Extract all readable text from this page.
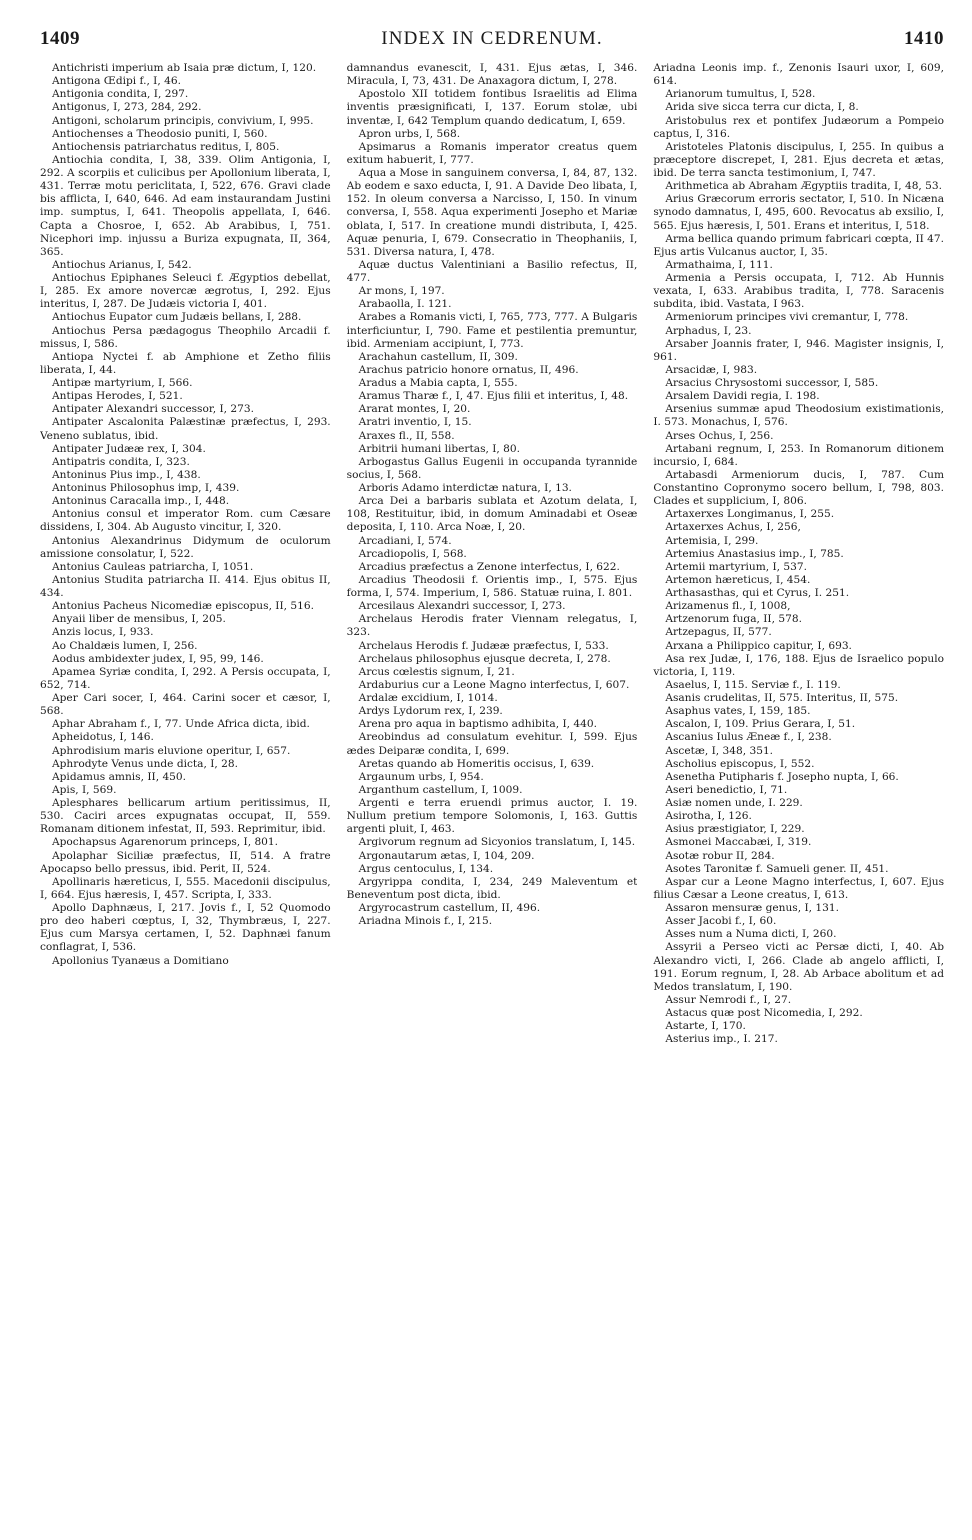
1409	INDEX IN CEDRENUM.	1410

Antichristi imperium ab Isaia præ dictum, I, 120.

Antigona Œdipi f., I, 46.

Antigonia condita, I, 297.

Antigonus, I, 273, 284, 292.

Antigoni, scholarum principis, convivium, I, 995.

Antiochenses a Theodosio puniti, I, 560.

Antiochensis patriarchatus reditus, I, 805.

Antiochia condita, I, 38, 339. Olim Antigonia, I, 292. A scorpiis et culicibus per Apollonium liberata, I, 431. Terræ motu periclitata, I, 522, 676. Gravi clade bis afflicta, I, 640, 646. Ad eam instaurandam Justini imp. sumptus, I, 641. Theopolis appellata, I, 646. Capta a Chosroe, I, 652. Ab Arabibus, I, 751. Nicephori imp. injussu a Buriza expugnata, II, 364, 365.

Antiochus Arianus, I, 542.

Antiochus Epiphanes Seleuci f. Ægyptios debellat, I, 285. Ex amore novercæ ægrotus, I, 292. Ejus interitus, I, 287. De Judæis victoria I, 401.

Antiochus Eupator cum Judæis bellans, I, 288.

Antiochus Persa pædagogus Theophilo Arcadii f. missus, I, 586.

Antiopa Nyctei f. ab Amphione et Zetho filiis liberata, I, 44.

Antipæ martyrium, I, 566.

Antipas Herodes, I, 521.

Antipater Alexandri successor, I, 273.

Antipater Ascalonita Palæstinæ præfectus, I, 293. Veneno sublatus, ibid.

Antipater Judææ rex, I, 304.

Antipatris condita, I, 323.

Antoninus Pius imp., I, 438.

Antoninus Philosophus imp, I, 439.

Antoninus Caracalla imp., I, 448.

Antonius consul et imperator Rom. cum Cæsare dissidens, I, 304. Ab Augusto vincitur, I, 320.

Antonius Alexandrinus Didymum de oculorum amissione consolatur, I, 522.

Antonius Cauleas patriarcha, I, 1051.

Antonius Studita patriarcha II. 414. Ejus obitus II, 434.

Antonius Pacheus Nicomediæ episcopus, II, 516.

Anyaii liber de mensibus, I, 205.

Anzis locus, I, 933.

Ao Chaldæis lumen, I, 256.

Aodus ambidexter judex, I, 95, 99, 146.

Apamea Syriæ condita, I, 292. A Persis occupata, I, 652, 714.

Aper Cari socer, I, 464. Carini socer et cæsor, I, 568.

Aphar Abraham f., I, 77. Unde Africa dicta, ibid.

Apheidotus, I, 146.

Aphrodisium maris eluvione operitur, I, 657.

Aphrodyte Venus unde dicta, I, 28.

Apidamus amnis, II, 450.

Apis, I, 569.

Aplesphares bellicarum artium peritissimus, II, 530. Caciri arces expugnatas occupat, II, 559. Romanam ditionem infestat, II, 593. Reprimitur, ibid.

Apochapsus Agarenorum princeps, I, 801.

Apolaphar Siciliæ præfectus, II, 514. A fratre Apocapso bello pressus, ibid. Perit, II, 524.

Apollinaris hæreticus, I, 555. Macedonii discipulus, I, 664. Ejus hæresis, I, 457. Scripta, I, 333.

Apollo Daphnæus, I, 217. Jovis f., I, 52 Quomodo pro deo haberi cœptus, I, 32, Thymbræus, I, 227. Ejus cum Marsya certamen, I, 52. Daphnæi fanum conflagrat, I, 536.

Apollonius Tyanæus a Domitiano

damnandus evanescit, I, 431. Ejus ætas, I, 346. Miracula, I, 73, 431. De Anaxagora dictum, I, 278.

Apostolo XII totidem fontibus Israelitis ad Elima inventis præsignificati, I, 137. Eorum stolæ, ubi inventæ, I, 642 Templum quando dedicatum, I, 659.

Apron urbs, I, 568.

Apsimarus a Romanis imperator creatus quem exitum habuerit, I, 777.

Aqua a Mose in sanguinem conversa, I, 84, 87, 132. Ab eodem e saxo educta, I, 91. A Davide Deo libata, I, 152. In oleum conversa a Narcisso, I, 150. In vinum conversa, I, 558. Aqua experimenti Josepho et Mariæ oblata, I, 517. In creatione mundi distributa, I, 425. Aquæ penuria, I, 679. Consecratio in Theophaniis, I, 531. Diversa natura, I, 478.

Aquæ ductus Valentiniani a Basilio refectus, II, 477.

Ar mons, I, 197.

Arabaolla, I. 121.

Arabes a Romanis victi, I, 765, 773, 777. A Bulgaris interficiuntur, I, 790. Fame et pestilentia premuntur, ibid. Armeniam accipiunt, I, 773.

Arachahun castellum, II, 309.

Arachus patricio honore ornatus, II, 496.

Aradus a Mabia capta, I, 555.

Aramus Tharæ f., I, 47. Ejus filii et interitus, I, 48.

Ararat montes, I, 20.

Aratri inventio, I, 15.

Araxes fl., II, 558.

Arbitrii humani libertas, I, 80.

Arbogastus Gallus Eugenii in occupanda tyrannide socius, I, 568.

Arboris Adamo interdictæ natura, I, 13.

Arca Dei a barbaris sublata et Azotum delata, I, 108, Restituitur, ibid, in domum Aminadabi et Oseæ deposita, I, 110. Arca Noæ, I, 20.

Arcadiani, I, 574.

Arcadiopolis, I, 568.

Arcadius præfectus a Zenone interfectus, I, 622.

Arcadius Theodosii f. Orientis imp., I, 575. Ejus forma, I, 574. Imperium, I, 586. Statuæ ruina, I. 801.

Arcesilaus Alexandri successor, I, 273.

Archelaus Herodis frater Viennam relegatus, I, 323.

Archelaus Herodis f. Judææ præfectus, I, 533.

Archelaus philosophus ejusque decreta, I, 278.

Arcus cœlestis signum, I, 21.

Ardaburius cur a Leone Magno interfectus, I, 607.

Ardalæ excidium, I, 1014.

Ardys Lydorum rex, I, 239.

Arena pro aqua in baptismo adhibita, I, 440.

Areobindus ad consulatum evehitur. I, 599. Ejus ædes Deiparæ condita, I, 699.

Aretas quando ab Homeritis occisus, I, 639.

Argaunum urbs, I, 954.

Arganthum castellum, I, 1009.

Argenti e terra eruendi primus auctor, I. 19. Nullum pretium tempore Solomonis, I, 163. Guttis argenti pluit, I, 463.

Argivorum regnum ad Sicyonios translatum, I, 145.

Argonautarum ætas, I, 104, 209.

Argus centoculus, I, 134.

Argyrippa condita, I, 234, 249 Maleventum et Beneventum post dicta, ibid.

Argyrocastrum castellum, II, 496.

Ariadna Minois f., I, 215.

Ariadna Leonis imp. f., Zenonis Isauri uxor, I, 609, 614.

Arianorum tumultus, I, 528.

Arida sive sicca terra cur dicta, I, 8.

Aristobulus rex et pontifex Judæorum a Pompeio captus, I, 316.

Aristoteles Platonis discipulus, I, 255. In quibus a præceptore discrepet, I, 281. Ejus decreta et ætas, ibid. De terra sancta testimonium, I, 747.

Arithmetica ab Abraham Ægyptiis tradita, I, 48, 53.

Arius Græcorum erroris sectator, I, 510. In Nicæna synodo damnatus, I, 495, 600. Revocatus ab exsilio, I, 565. Ejus hæresis, I, 501. Erans et interitus, I, 518.

Arma bellica quando primum fabricari cœpta, II 47. Ejus artis Vulcanus auctor, I, 35.

Armathaima, I, 111.

Armenia a Persis occupata, I, 712. Ab Hunnis vexata, I, 633. Arabibus tradita, I, 778. Saracenis subdita, ibid. Vastata, I 963.

Armeniorum principes vivi cremantur, I, 778.

Arphadus, I, 23.

Arsaber Joannis frater, I, 946. Magister insignis, I, 961.

Arsacidæ, I, 983.

Arsacius Chrysostomi successor, I, 585.

Arsalem Davidi regia, I. 198.

Arsenius summæ apud Theodosium existimationis, I. 573. Monachus, I, 576.

Arses Ochus, I, 256.

Artabani regnum, I, 253. In Romanorum ditionem incursio, I, 684.

Artabasdi Armeniorum ducis, I, 787. Cum Constantino Copronymo socero bellum, I, 798, 803. Clades et supplicium, I, 806.

Artaxerxes Longimanus, I, 255.

Artaxerxes Achus, I, 256,

Artemisia, I, 299.

Artemius Anastasius imp., I, 785.

Artemii martyrium, I, 537.

Artemon hæreticus, I, 454.

Arthasasthas, qui et Cyrus, I. 251.

Arizamenus fl., I, 1008,

Artzenorum fuga, II, 578.

Artzepagus, II, 577.

Arxana a Philippico capitur, I, 693.

Asa rex Judæ, I, 176, 188. Ejus de Israelico populo victoria, I, 119.

Asaelus, I, 115. Serviæ f., I. 119.

Asanis crudelitas, II, 575. Interitus, II, 575.

Asaphus vates, I, 159, 185.

Ascalon, I, 109. Prius Gerara, I, 51.

Ascanius Iulus Æneæ f., I, 238.

Ascetæ, I, 348, 351.

Ascholius episcopus, I, 552.

Asenetha Putipharis f. Josepho nupta, I, 66.

Aseri benedictio, I, 71.

Asiæ nomen unde, I. 229.

Asirotha, I, 126.

Asius præstigiator, I, 229.

Asmonei Maccabæi, I, 319.

Asotæ robur II, 284.

Asotes Taronitæ f. Samueli gener. II, 451.

Aspar cur a Leone Magno interfectus, I, 607. Ejus filius Cæsar a Leone creatus, I, 613.

Assaron mensuræ genus, I, 131.

Asser Jacobi f., I, 60.

Asses num a Numa dicti, I, 260.

Assyrii a Perseo victi ac Persæ dicti, I, 40. Ab Alexandro victi, I, 266. Clade ab angelo afflicti, I, 191. Eorum regnum, I, 28. Ab Arbace abolitum et ad Medos translatum, I, 190.

Assur Nemrodi f., I, 27.

Astacus quæ post Nicomedia, I, 292.

Astarte, I, 170.

Asterius imp., I. 217.
